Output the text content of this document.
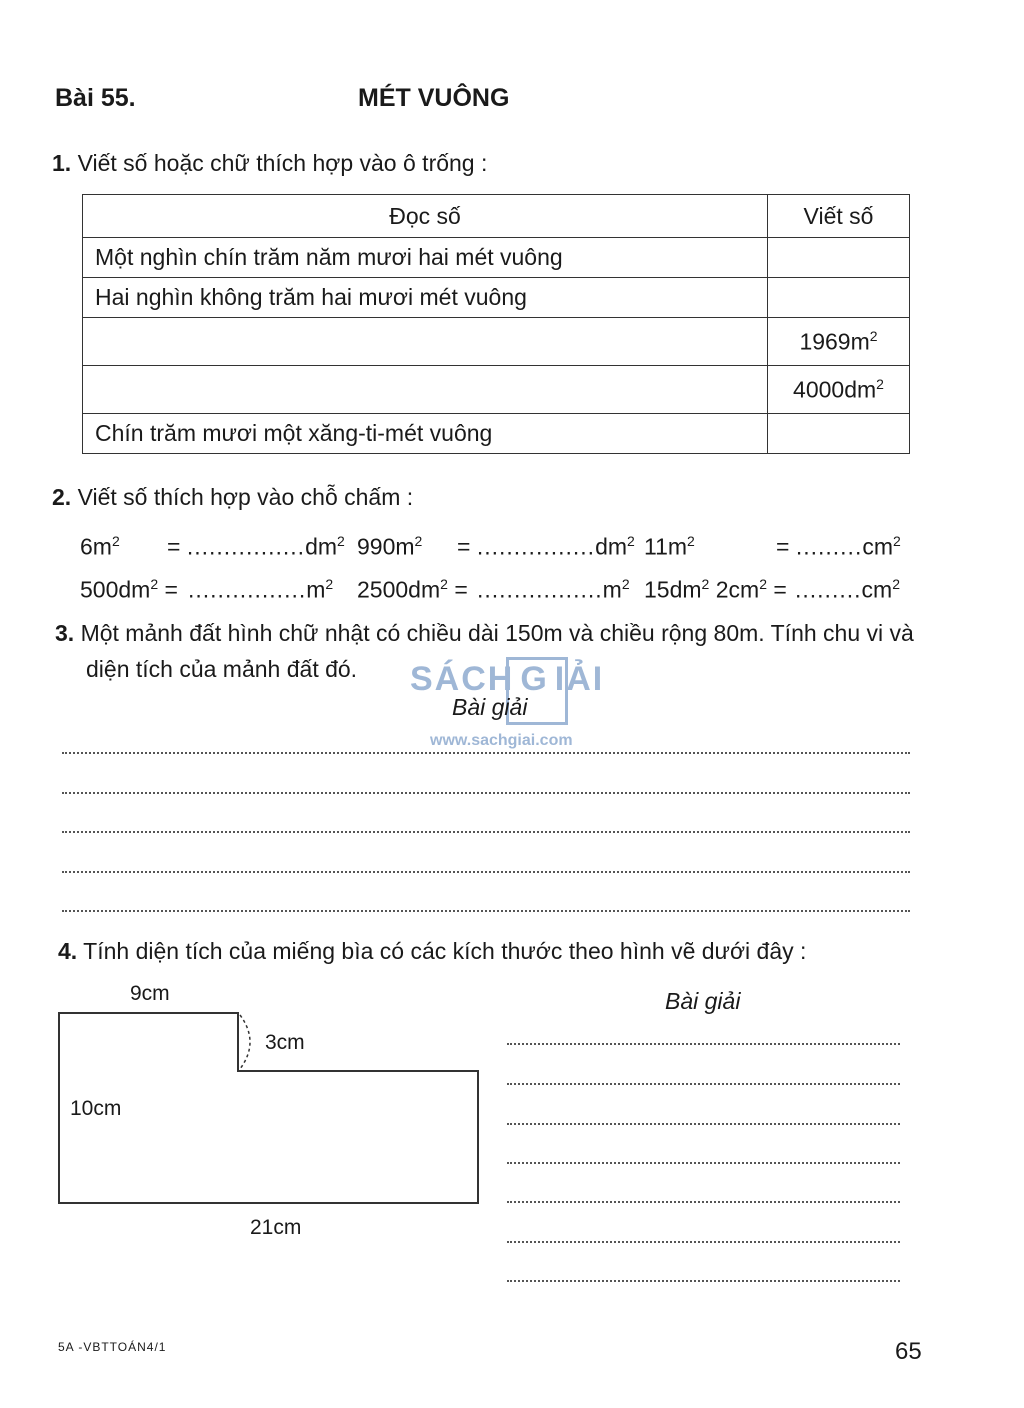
Bài 55.	MÉT VUÔNG
1. Viết số hoặc chữ thích hợp vào ô trống :
Đọc số	Viết số
Một nghìn chín trăm năm mươi hai mét vuông	
Hai nghìn không trăm hai mươi mét vuông	
	$1969m^2$
	$4000dm^2$
Chín trăm mươi một xăng-ti-mét vuông	
2. Viết số thích hợp vào chỗ chấm :
$6m^2 = ................dm^2$ $990m^2 = ................dm^2$ $11m^2$	= $.........cm^2$
$500dm^2 = ................m^2$ $2500dm^2 = .................m^2$ $15dm^2$ $2cm^2 = .........cm^2$
3. Một mảnh đất hình chữ nhật có chiều dài 150m và chiều rộng 80m. Tính chu vi và
diện tích của mảnh đất đó. SÁCH G IẢI
www.sachgiai.com
Bài giải
4. Tính diện tích của miếng bìa có các kích thước theo hình vẽ dưới đây :
9cm
3cm
10cm
21cm
Bài giải
5A -VBTTOÁN4/1	65
